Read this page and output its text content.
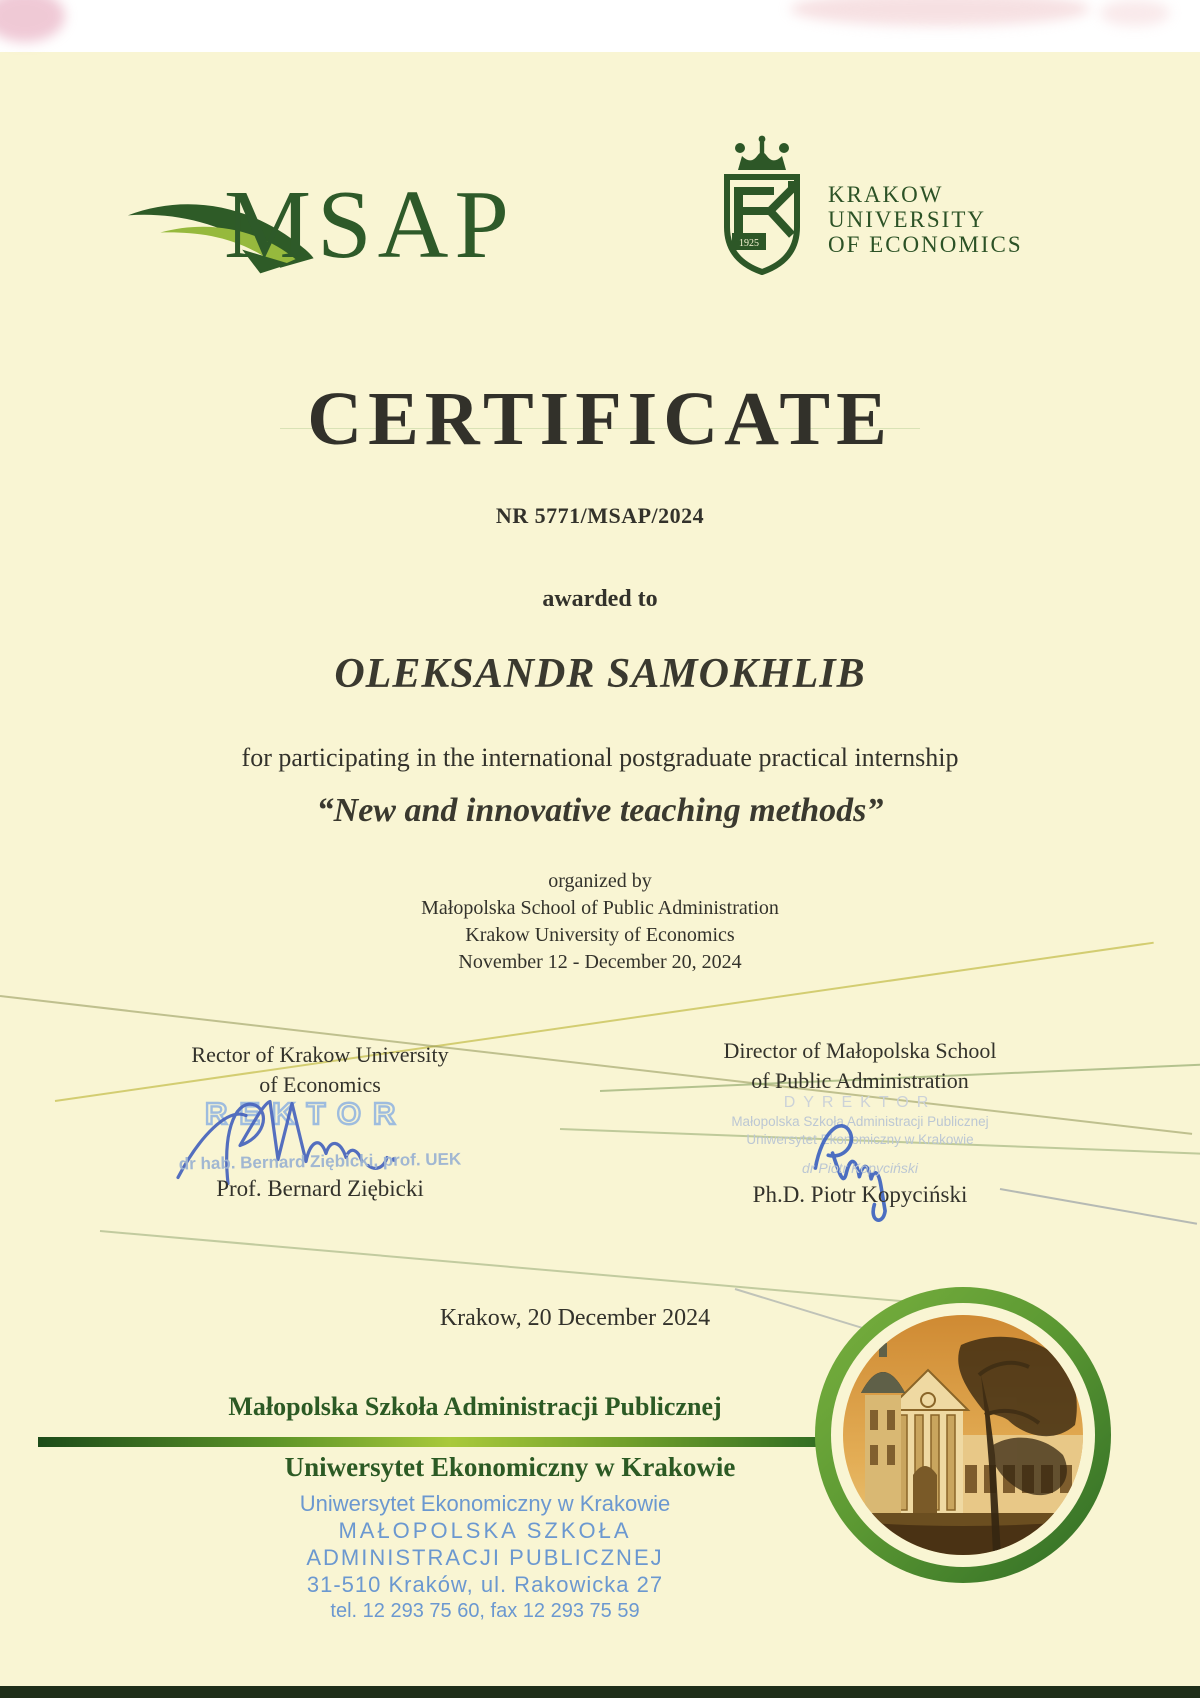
MSAP	1925
KRAKOW
UNIVERSITY
OF ECONOMICS
CERTIFICATE
NR 5771/MSAP/2024
awarded to
OLEKSANDR SAMOKHLIB
for participating in the international postgraduate practical internship
“New and innovative teaching methods”
organized by
Małopolska School of Public Administration
Krakow University of Economics
November 12 - December 20, 2024
Rector of Krakow University
of Economics
REKTOR
dr hab. Bernard Ziębicki, prof. UEK
Prof. Bernard Ziębicki
Director of Małopolska School
of Public Administration
DYREKTOR
Małopolska Szkoła Administracji Publicznej
Uniwersytet Ekonomiczny w Krakowie
dr Piotr Kopyciński
Ph.D. Piotr Kopyciński
Krakow, 20 December 2024
Małopolska Szkoła Administracji Publicznej
Uniwersytet Ekonomiczny w Krakowie
Uniwersytet Ekonomiczny w Krakowie
MAŁOPOLSKA SZKOŁA
ADMINISTRACJI PUBLICZNEJ
31-510 Kraków, ul. Rakowicka 27
tel. 12 293 75 60, fax 12 293 75 59
